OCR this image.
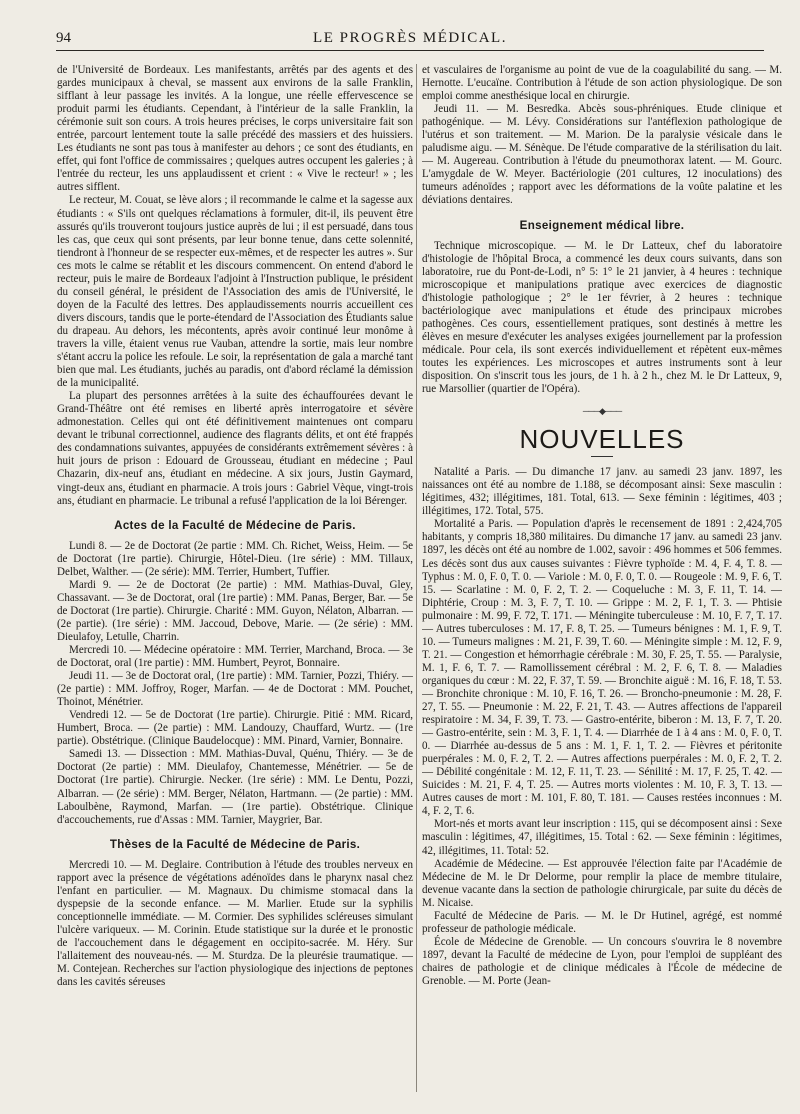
94	LE PROGRÈS MÉDICAL.

de l'Université de Bordeaux. Les manifestants, arrêtés par des agents et des gardes municipaux à cheval, se massent aux environs de la salle Franklin, sifflant à leur passage les invités. A la longue, une réelle effervescence se produit parmi les étudiants. Cependant, à l'intérieur de la salle Franklin, la cérémonie suit son cours. A trois heures précises, le corps universitaire fait son entrée, parcourt lentement toute la salle précédé des massiers et des huissiers. Les étudiants ne sont pas tous à manifester au dehors ; ce sont des étudiants, en effet, qui font l'office de commissaires ; quelques autres occupent les galeries ; à l'entrée du recteur, les uns applaudissent et crient : « Vive le recteur! » ; les autres sifflent.

Le recteur, M. Couat, se lève alors ; il recommande le calme et la sagesse aux étudiants : « S'ils ont quelques réclamations à formuler, dit-il, ils peuvent être assurés qu'ils trouveront toujours justice auprès de lui ; il est persuadé, dans tous les cas, que ceux qui sont présents, par leur bonne tenue, dans cette solennité, tiendront à l'honneur de se respecter eux-mêmes, et de respecter les autres ». Sur ces mots le calme se rétablit et les discours commencent. On entend d'abord le recteur, puis le maire de Bordeaux l'adjoint à l'Instruction publique, le président du conseil général, le président de l'Association des amis de l'Université, le doyen de la Faculté des lettres. Des applaudissements nourris accueillent ces divers discours, tandis que le porte-étendard de l'Association des Étudiants salue du drapeau. Au dehors, les mécontents, après avoir continué leur monôme à travers la ville, étaient venus rue Vauban, attendre la sortie, mais leur nombre s'étant accru la police les refoule. Le soir, la représentation de gala a marché tant bien que mal. Les étudiants, juchés au paradis, ont d'abord réclamé la démission de la municipalité.

La plupart des personnes arrêtées à la suite des échauffourées devant le Grand-Théâtre ont été remises en liberté après interrogatoire et sévère admonestation. Celles qui ont été définitivement maintenues ont comparu devant le tribunal correctionnel, audience des flagrants délits, et ont été frappés des condamnations suivantes, appuyées de considérants extrêmement sévères : à huit jours de prison : Edouard de Grousseau, étudiant en médecine ; Paul Chazarin, dix-neuf ans, étudiant en médecine. A six jours, Justin Gaymard, vingt-deux ans, étudiant en pharmacie. A trois jours : Gabriel Vèque, vingt-trois ans, étudiant en pharmacie. Le tribunal a refusé l'application de la loi Bérenger.

Actes de la Faculté de Médecine de Paris.

Lundi 8. — 2e de Doctorat (2e partie : MM. Ch. Richet, Weiss, Heim. — 5e de Doctorat (1re partie). Chirurgie, Hôtel-Dieu. (1re série) : MM. Tillaux, Delbet, Walther. — (2e série): MM. Terrier, Humbert, Tuffier.

Mardi 9. — 2e de Doctorat (2e partie) : MM. Mathias-Duval, Gley, Chassavant. — 3e de Doctorat, oral (1re partie) : MM. Panas, Berger, Bar. — 5e de Doctorat (1re partie). Chirurgie. Charité : MM. Guyon, Nélaton, Albarran. — (2e partie). (1re série) : MM. Jaccoud, Debove, Marie. — (2e série) : MM. Dieulafoy, Letulle, Charrin.

Mercredi 10. — Médecine opératoire : MM. Terrier, Marchand, Broca. — 3e de Doctorat, oral (1re partie) : MM. Humbert, Peyrot, Bonnaire.

Jeudi 11. — 3e de Doctorat oral, (1re partie) : MM. Tarnier, Pozzi, Thiéry. — (2e partie) : MM. Joffroy, Roger, Marfan. — 4e de Doctorat : MM. Pouchet, Thoinot, Ménétrier.

Vendredi 12. — 5e de Doctorat (1re partie). Chirurgie. Pitié : MM. Ricard, Humbert, Broca. — (2e partie) : MM. Landouzy, Chauffard, Wurtz. — (1re partie). Obstétrique. (Clinique Baudelocque) : MM. Pinard, Varnier, Bonnaire.

Samedi 13. — Dissection : MM. Mathias-Duval, Quénu, Thiéry. — 3e de Doctorat (2e partie) : MM. Dieulafoy, Chantemesse, Ménétrier. — 5e de Doctorat (1re partie). Chirurgie. Necker. (1re série) : MM. Le Dentu, Pozzi, Albarran. — (2e série) : MM. Berger, Nélaton, Hartmann. — (2e partie) : MM. Laboulbène, Raymond, Marfan. — (1re partie). Obstétrique. Clinique d'accouchements, rue d'Assas : MM. Tarnier, Maygrier, Bar.

Thèses de la Faculté de Médecine de Paris.

Mercredi 10. — M. Deglaire. Contribution à l'étude des troubles nerveux en rapport avec la présence de végétations adénoïdes dans le pharynx nasal chez l'enfant en particulier. — M. Magnaux. Du chimisme stomacal dans la dyspepsie de la seconde enfance. — M. Marlier. Etude sur la syphilis conceptionnelle immédiate. — M. Cormier. Des syphilides scléreuses simulant l'ulcère variqueux. — M. Corinin. Etude statistique sur la durée et le pronostic de l'accouchement dans le dégagement en occipito-sacrée. M. Héry. Sur l'allaitement des nouveau-nés. — M. Sturdza. De la pleurésie traumatique. — M. Contejean. Recherches sur l'action physiologique des injections de peptones dans les cavités séreuses

et vasculaires de l'organisme au point de vue de la coagulabilité du sang. — M. Hernotte. L'eucaïne. Contribution à l'étude de son action physiologique. De son emploi comme anesthésique local en chirurgie.

Jeudi 11. — M. Besredka. Abcès sous-phréniques. Etude clinique et pathogénique. — M. Lévy. Considérations sur l'antéflexion pathologique de l'utérus et son traitement. — M. Marion. De la paralysie vésicale dans le paludisme aigu. — M. Sénèque. De l'étude comparative de la stérilisation du lait. — M. Augereau. Contribution à l'étude du pneumothorax latent. — M. Gourc. L'amygdale de W. Meyer. Bactériologie (201 cultures, 12 inoculations) des tumeurs adénoïdes ; rapport avec les déformations de la voûte palatine et les déviations dentaires.

Enseignement médical libre.

Technique microscopique. — M. le Dr Latteux, chef du laboratoire d'histologie de l'hôpital Broca, a commencé les deux cours suivants, dans son laboratoire, rue du Pont-de-Lodi, n° 5: 1° le 21 janvier, à 4 heures : technique microscopique et manipulations pratique avec exercices de diagnostic d'histologie pathologique ; 2° le 1er février, à 2 heures : technique bactériologique avec manipulations et étude des principaux microbes pathogènes. Ces cours, essentiellement pratiques, sont destinés à mettre les élèves en mesure d'exécuter les analyses exigées journellement par la profession médicale. Pour cela, ils sont exercés individuellement et répètent eux-mêmes toutes les expériences. Les microscopes et autres instruments sont à leur disposition. On s'inscrit tous les jours, de 1 h. à 2 h., chez M. le Dr Latteux, 9, rue Marsollier (quartier de l'Opéra).

───◆───
NOUVELLES

Natalité a Paris. — Du dimanche 17 janv. au samedi 23 janv. 1897, les naissances ont été au nombre de 1.188, se décomposant ainsi: Sexe masculin : légitimes, 432; illégitimes, 181. Total, 613. — Sexe féminin : légitimes, 403 ; illégitimes, 172. Total, 575.

Mortalité a Paris. — Population d'après le recensement de 1891 : 2,424,705 habitants, y compris 18,380 militaires. Du dimanche 17 janv. au samedi 23 janv. 1897, les décès ont été au nombre de 1.002, savoir : 496 hommes et 506 femmes. Les décès sont dus aux causes suivantes : Fièvre typhoïde : M. 4, F. 4, T. 8. — Typhus : M. 0, F. 0, T. 0. — Variole : M. 0, F. 0, T. 0. — Rougeole : M. 9, F. 6, T. 15. — Scarlatine : M. 0, F. 2, T. 2. — Coqueluche : M. 3, F. 11, T. 14. — Diphtérie, Croup : M. 3, F. 7, T. 10. — Grippe : M. 2, F. 1, T. 3. — Phtisie pulmonaire : M. 99, F. 72, T. 171. — Méningite tuberculeuse : M. 10, F. 7, T. 17. — Autres tuberculoses : M. 17, F. 8, T. 25. — Tumeurs bénignes : M. 1, F. 9, T. 10. — Tumeurs malignes : M. 21, F. 39, T. 60. — Méningite simple : M. 12, F. 9, T. 21. — Congestion et hémorrhagie cérébrale : M. 30, F. 25, T. 55. — Paralysie, M. 1, F. 6, T. 7. — Ramollissement cérébral : M. 2, F. 6, T. 8. — Maladies organiques du cœur : M. 22, F. 37, T. 59. — Bronchite aiguë : M. 16, F. 18, T. 53. — Bronchite chronique : M. 10, F. 16, T. 26. — Broncho-pneumonie : M. 28, F. 27, T. 55. — Pneumonie : M. 22, F. 21, T. 43. — Autres affections de l'appareil respiratoire : M. 34, F. 39, T. 73. — Gastro-entérite, biberon : M. 13, F. 7, T. 20. — Gastro-entérite, sein : M. 3, F. 1, T. 4. — Diarrhée de 1 à 4 ans : M. 0, F. 0, T. 0. — Diarrhée au-dessus de 5 ans : M. 1, F. 1, T. 2. — Fièvres et péritonite puerpérales : M. 0, F. 2, T. 2. — Autres affections puerpérales : M. 0, F. 2, T. 2. — Débilité congénitale : M. 12, F. 11, T. 23. — Sénilité : M. 17, F. 25, T. 42. — Suicides : M. 21, F. 4, T. 25. — Autres morts violentes : M. 10, F. 3, T. 13. — Autres causes de mort : M. 101, F. 80, T. 181. — Causes restées inconnues : M. 4, F. 2, T. 6.

Mort-nés et morts avant leur inscription : 115, qui se décomposent ainsi : Sexe masculin : légitimes, 47, illégitimes, 15. Total : 62. — Sexe féminin : légitimes, 42, illégitimes, 11. Total: 52.

Académie de Médecine. — Est approuvée l'élection faite par l'Académie de Médecine de M. le Dr Delorme, pour remplir la place de membre titulaire, devenue vacante dans la section de pathologie chirurgicale, par suite du décès de M. Nicaise.

Faculté de Médecine de Paris. — M. le Dr Hutinel, agrégé, est nommé professeur de pathologie médicale.

École de Médecine de Grenoble. — Un concours s'ouvrira le 8 novembre 1897, devant la Faculté de médecine de Lyon, pour l'emploi de suppléant des chaires de pathologie et de clinique médicales à l'École de médecine de Grenoble. — M. Porte (Jean-
